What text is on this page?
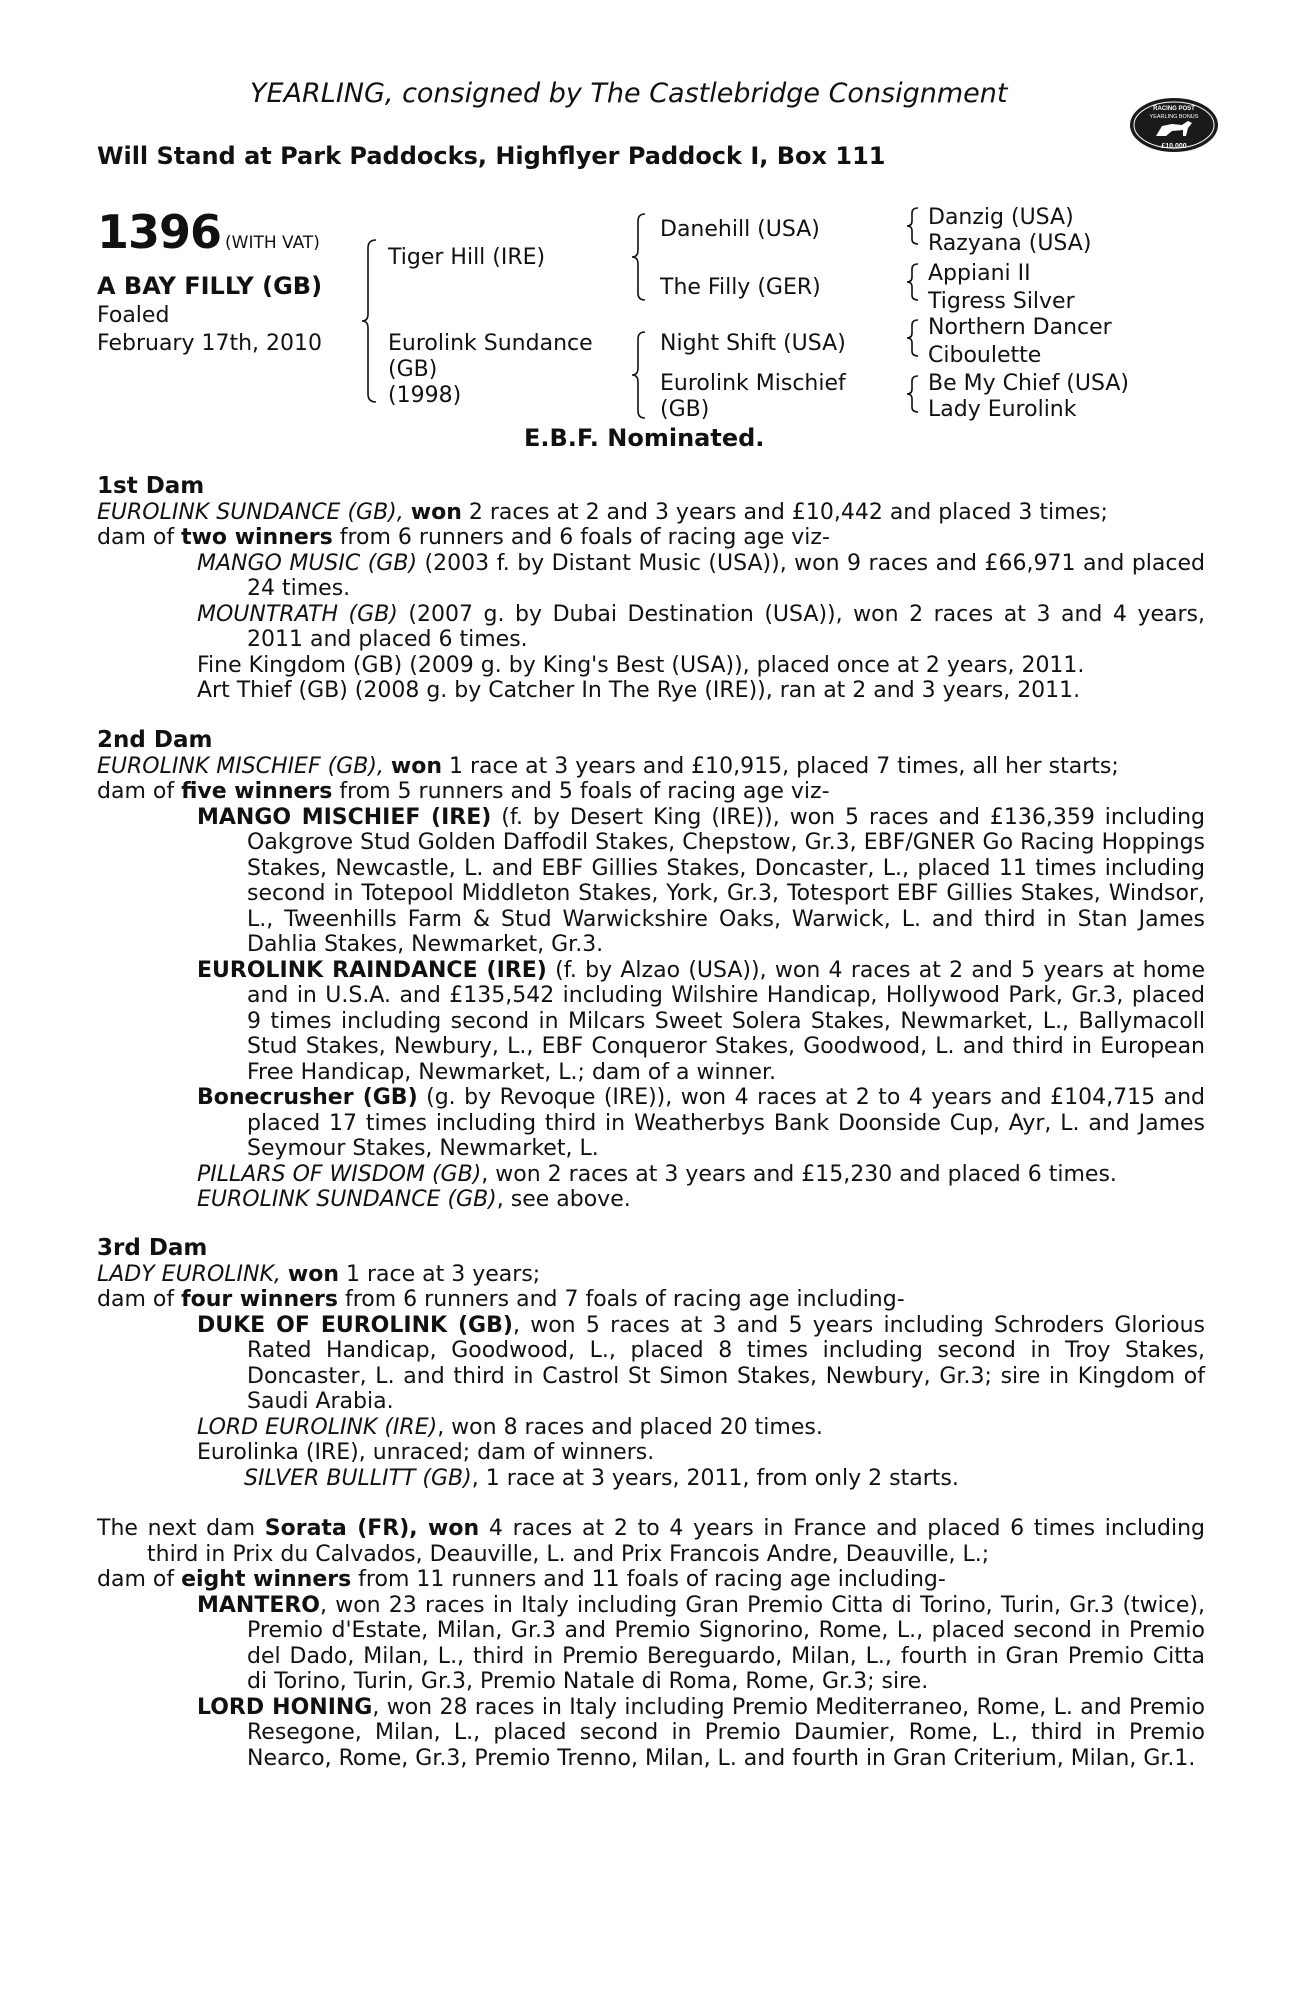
YEARLING, consigned by The Castlebridge Consignment
Will Stand at Park Paddocks, Highflyer Paddock I, Box 111
RACING POST
YEARLING BONUS
£10,000
1396 (WITH VAT)
A BAY FILLY (GB)
Foaled
February 17th, 2010
Tiger Hill (IRE)
Eurolink Sundance
(GB)
(1998)
Danehill (USA)
The Filly (GER)
Night Shift (USA)
Eurolink Mischief
(GB)
Danzig (USA)
Razyana (USA)
Appiani II
Tigress Silver
Northern Dancer
Ciboulette
Be My Chief (USA)
Lady Eurolink
E.B.F. Nominated.

1st Dam

EUROLINK SUNDANCE (GB), won 2 races at 2 and 3 years and £10,442 and placed 3 times;

dam of two winners from 6 runners and 6 foals of racing age viz-

MANGO MUSIC (GB) (2003 f. by Distant Music (USA)), won 9 races and £66,971 and placed 24 times.

MOUNTRATH (GB) (2007 g. by Dubai Destination (USA)), won 2 races at 3 and 4 years, 2011 and placed 6 times.

Fine Kingdom (GB) (2009 g. by King's Best (USA)), placed once at 2 years, 2011.

Art Thief (GB) (2008 g. by Catcher In The Rye (IRE)), ran at 2 and 3 years, 2011.

2nd Dam

EUROLINK MISCHIEF (GB), won 1 race at 3 years and £10,915, placed 7 times, all her starts;

dam of five winners from 5 runners and 5 foals of racing age viz-

MANGO MISCHIEF (IRE) (f. by Desert King (IRE)), won 5 races and £136,359 including Oakgrove Stud Golden Daffodil Stakes, Chepstow, Gr.3, EBF/GNER Go Racing Hoppings Stakes, Newcastle, L. and EBF Gillies Stakes, Doncaster, L., placed 11 times including second in Totepool Middleton Stakes, York, Gr.3, Totesport EBF Gillies Stakes, Windsor, L., Tweenhills Farm & Stud Warwickshire Oaks, Warwick, L. and third in Stan James Dahlia Stakes, Newmarket, Gr.3.

EUROLINK RAINDANCE (IRE) (f. by Alzao (USA)), won 4 races at 2 and 5 years at home and in U.S.A. and £135,542 including Wilshire Handicap, Hollywood Park, Gr.3, placed 9 times including second in Milcars Sweet Solera Stakes, Newmarket, L., Ballymacoll Stud Stakes, Newbury, L., EBF Conqueror Stakes, Goodwood, L. and third in European Free Handicap, Newmarket, L.; dam of a winner.

Bonecrusher (GB) (g. by Revoque (IRE)), won 4 races at 2 to 4 years and £104,715 and placed 17 times including third in Weatherbys Bank Doonside Cup, Ayr, L. and James Seymour Stakes, Newmarket, L.

PILLARS OF WISDOM (GB), won 2 races at 3 years and £15,230 and placed 6 times.

EUROLINK SUNDANCE (GB), see above.

3rd Dam

LADY EUROLINK, won 1 race at 3 years;

dam of four winners from 6 runners and 7 foals of racing age including-

DUKE OF EUROLINK (GB), won 5 races at 3 and 5 years including Schroders Glorious Rated Handicap, Goodwood, L., placed 8 times including second in Troy Stakes, Doncaster, L. and third in Castrol St Simon Stakes, Newbury, Gr.3; sire in Kingdom of Saudi Arabia.

LORD EUROLINK (IRE), won 8 races and placed 20 times.

Eurolinka (IRE), unraced; dam of winners.

SILVER BULLITT (GB), 1 race at 3 years, 2011, from only 2 starts.

The next dam Sorata (FR), won 4 races at 2 to 4 years in France and placed 6 times including third in Prix du Calvados, Deauville, L. and Prix Francois Andre, Deauville, L.;

dam of eight winners from 11 runners and 11 foals of racing age including-

MANTERO, won 23 races in Italy including Gran Premio Citta di Torino, Turin, Gr.3 (twice), Premio d'Estate, Milan, Gr.3 and Premio Signorino, Rome, L., placed second in Premio del Dado, Milan, L., third in Premio Bereguardo, Milan, L., fourth in Gran Premio Citta di Torino, Turin, Gr.3, Premio Natale di Roma, Rome, Gr.3; sire.

LORD HONING, won 28 races in Italy including Premio Mediterraneo, Rome, L. and Premio Resegone, Milan, L., placed second in Premio Daumier, Rome, L., third in Premio Nearco, Rome, Gr.3, Premio Trenno, Milan, L. and fourth in Gran Criterium, Milan, Gr.1.
